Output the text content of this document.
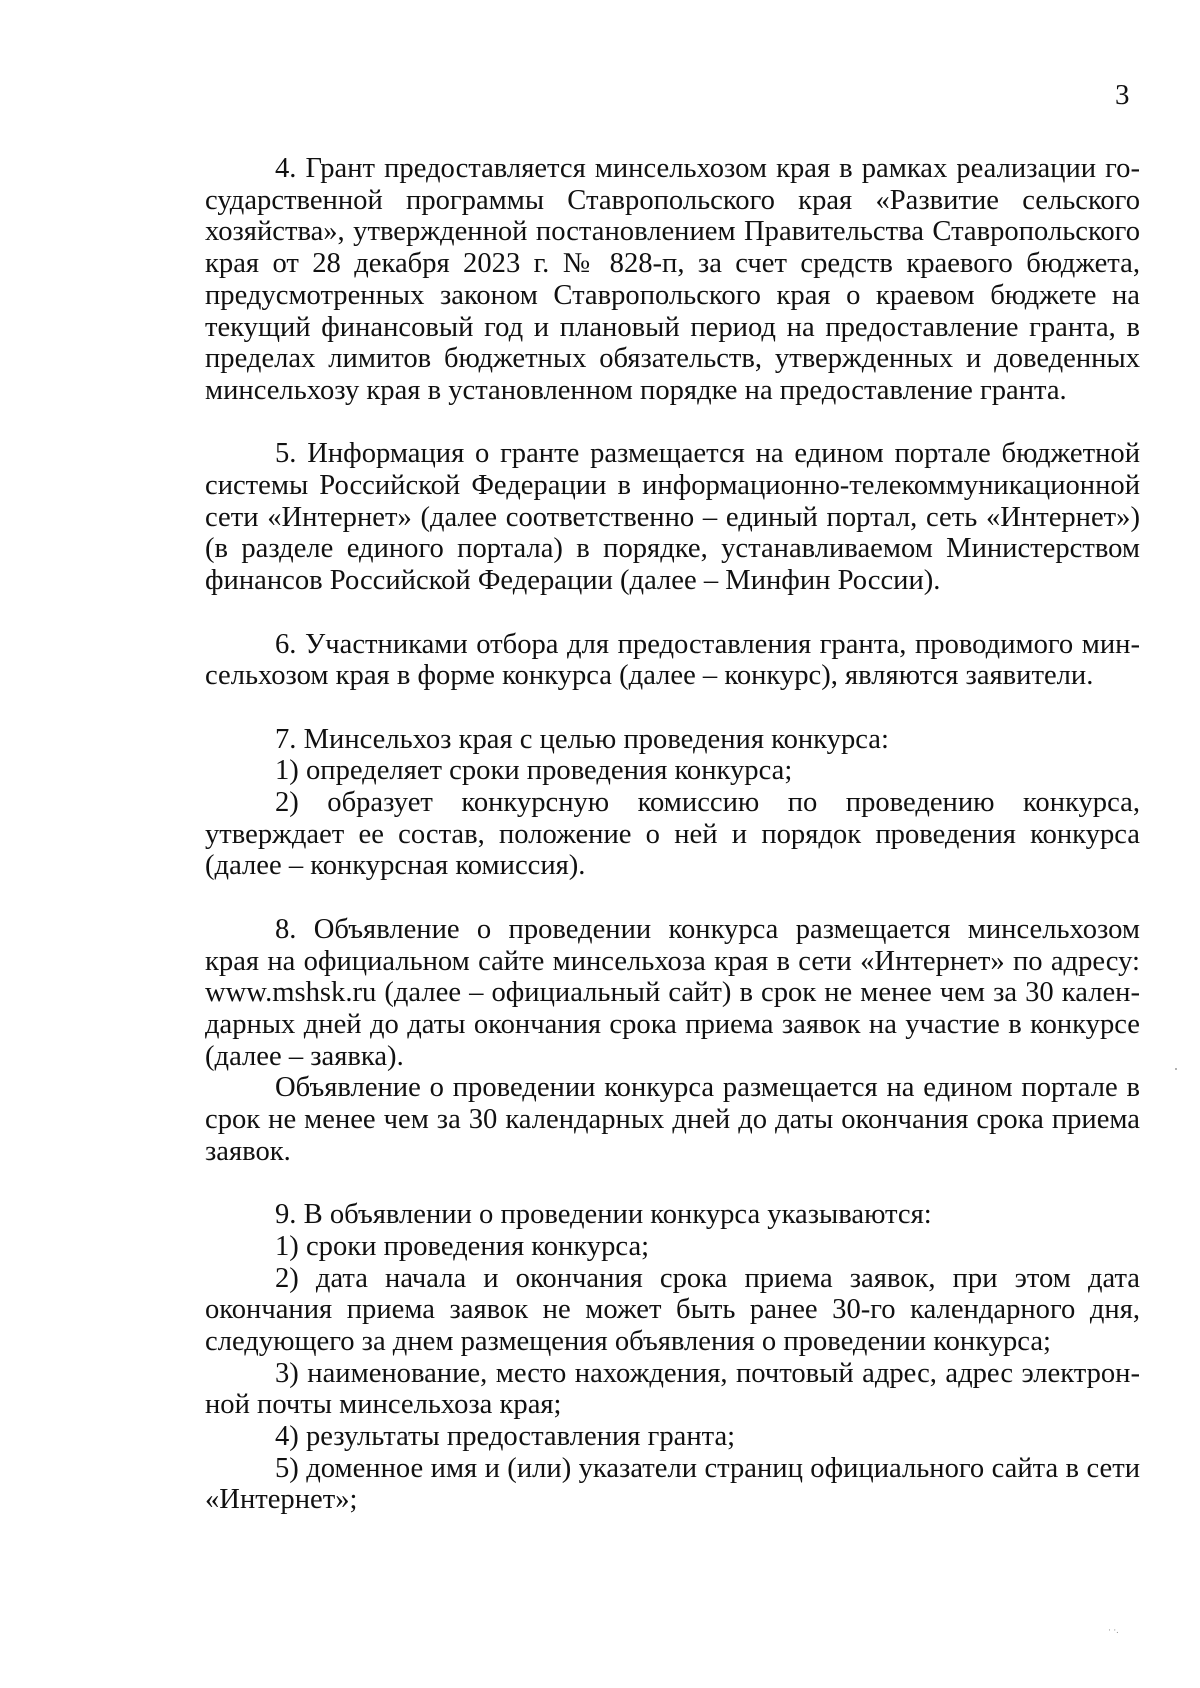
3

4. Грант предоставляется минсельхозом края в рамках реализации государственной программы Ставропольского края «Развитие сельского хозяйства», утвержденной постановлением Правительства Ставропольского края от 28 декабря 2023 г. № 828-п, за счет средств краевого бюджета, предусмотренных законом Ставропольского края о краевом бюджете на текущий финансовый год и плановый период на предоставление гранта, в пределах лимитов бюджетных обязательств, утвержденных и доведенных минсельхозу края в установленном порядке на предоставление гранта.

5. Информация о гранте размещается на едином портале бюджетной системы Российской Федерации в информационно-телекоммуникационной сети «Интернет» (далее соответственно – единый портал, сеть «Интернет») (в разделе единого портала) в порядке, устанавливаемом Министерством финансов Российской Федерации (далее – Минфин России).

6. Участниками отбора для предоставления гранта, проводимого минсельхозом края в форме конкурса (далее – конкурс), являются заявители.

7. Минсельхоз края с целью проведения конкурса:

1) определяет сроки проведения конкурса;

2) образует конкурсную комиссию по проведению конкурса, утверждает ее состав, положение о ней и порядок проведения конкурса (далее – конкурсная комиссия).

8. Объявление о проведении конкурса размещается минсельхозом края на официальном сайте минсельхоза края в сети «Интернет» по адресу: www.mshsk.ru (далее – официальный сайт) в срок не менее чем за 30 календарных дней до даты окончания срока приема заявок на участие в конкурсе (далее – заявка).

Объявление о проведении конкурса размещается на едином портале в срок не менее чем за 30 календарных дней до даты окончания срока приема заявок.

9. В объявлении о проведении конкурса указываются:

1) сроки проведения конкурса;

2) дата начала и окончания срока приема заявок, при этом дата окончания приема заявок не может быть ранее 30-го календарного дня, следующего за днем размещения объявления о проведении конкурса;

3) наименование, место нахождения, почтовый адрес, адрес электронной почты минсельхоза края;

4) результаты предоставления гранта;

5) доменное имя и (или) указатели страниц официального сайта в сети «Интернет»;

· ·.
